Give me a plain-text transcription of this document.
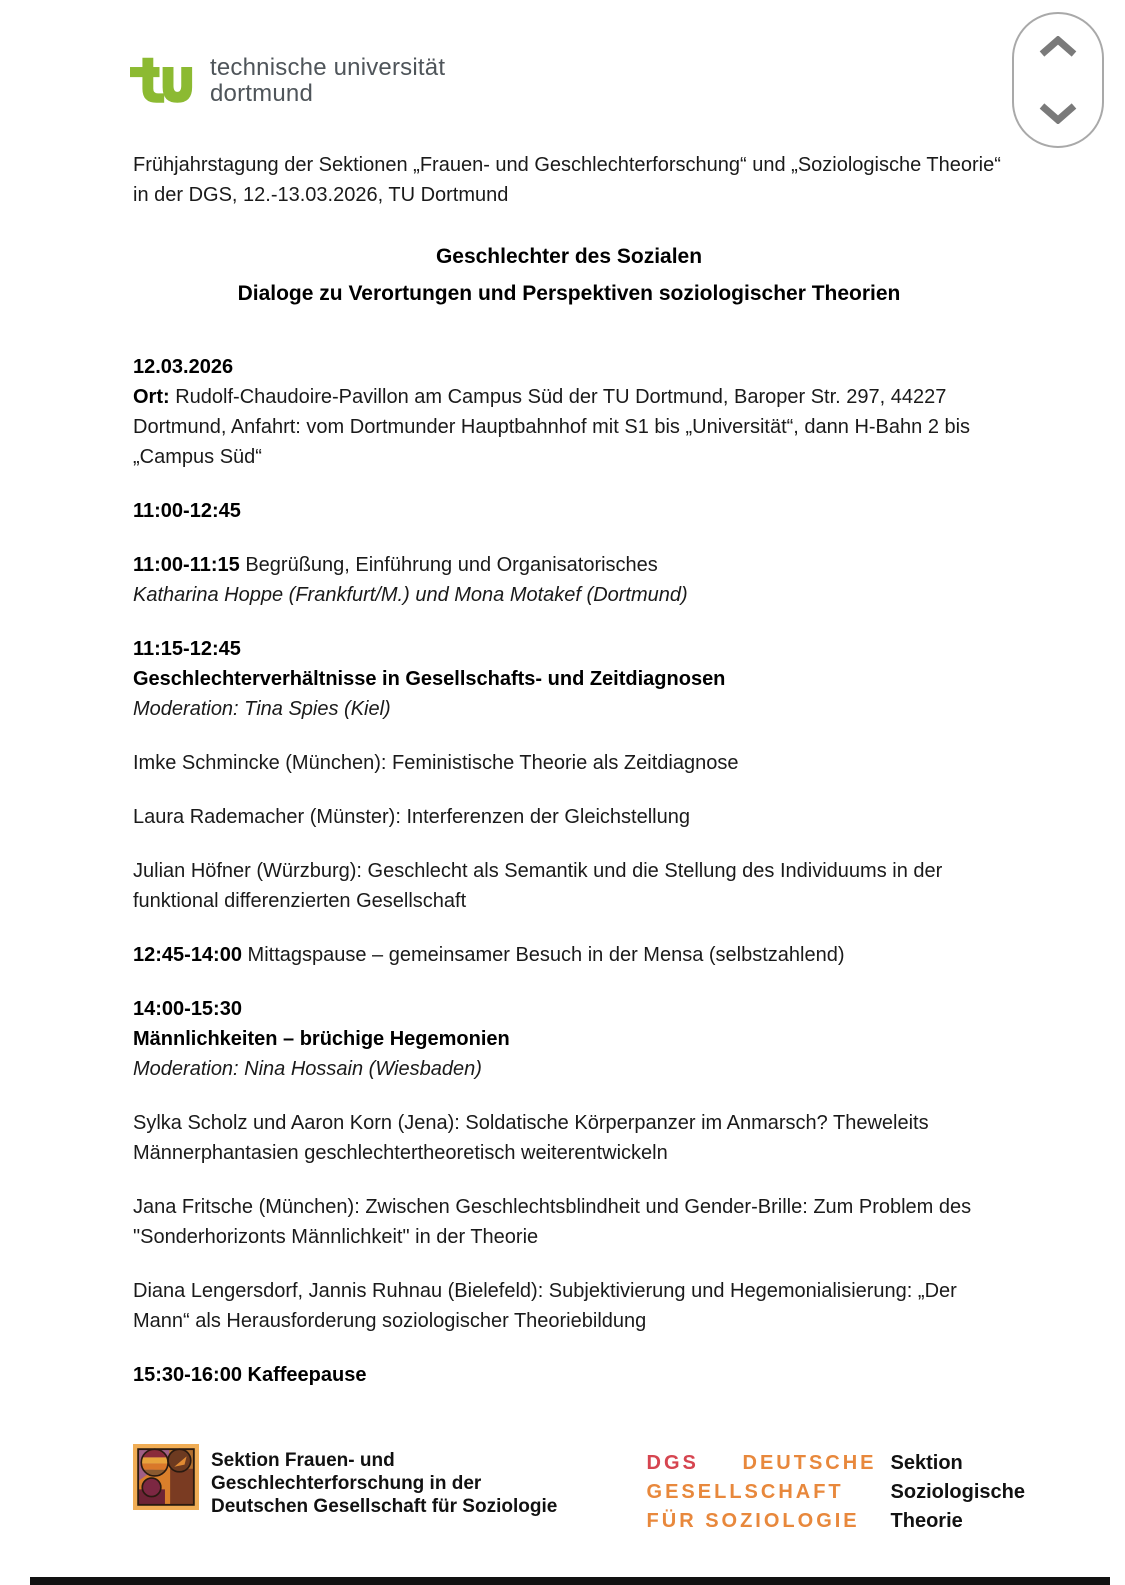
technische universität
dortmund

Frühjahrstagung der Sektionen „Frauen- und Geschlechterforschung“ und „Soziologische Theorie“ in der DGS, 12.-13.03.2026, TU Dortmund

Geschlechter des Sozialen
Dialoge zu Verortungen und Perspektiven soziologischer Theorien

12.03.2026

Ort: Rudolf-Chaudoire-Pavillon am Campus Süd der TU Dortmund, Baroper Str. 297, 44227 Dortmund, Anfahrt: vom Dortmunder Hauptbahnhof mit S1 bis „Universität“, dann H-Bahn 2 bis „Campus Süd“

11:00-12:45

11:00-11:15 Begrüßung, Einführung und Organisatorisches

Katharina Hoppe (Frankfurt/M.) und Mona Motakef (Dortmund)

11:15-12:45

Geschlechterverhältnisse in Gesellschafts- und Zeitdiagnosen

Moderation: Tina Spies (Kiel)

Imke Schmincke (München): Feministische Theorie als Zeitdiagnose

Laura Rademacher (Münster): Interferenzen der Gleichstellung

Julian Höfner (Würzburg): Geschlecht als Semantik und die Stellung des Individuums in der funktional differenzierten Gesellschaft

12:45-14:00 Mittagspause – gemeinsamer Besuch in der Mensa (selbstzahlend)

14:00-15:30

Männlichkeiten – brüchige Hegemonien

Moderation: Nina Hossain (Wiesbaden)

Sylka Scholz und Aaron Korn (Jena): Soldatische Körperpanzer im Anmarsch? Theweleits Männerphantasien geschlechtertheoretisch weiterentwickeln

Jana Fritsche (München): Zwischen Geschlechtsblindheit und Gender-Brille: Zum Problem des "Sonderhorizonts Männlichkeit" in der Theorie

Diana Lengersdorf, Jannis Ruhnau (Bielefeld): Subjektivierung und Hegemonialisierung: „Der Mann“ als Herausforderung soziologischer Theoriebildung

15:30-16:00 Kaffeepause

Sektion Frauen- und
Geschlechterforschung in der
Deutschen Gesellschaft für Soziologie
DGS DEUTSCHE
GESELLSCHAFT
FÜR SOZIOLOGIE
Sektion
Soziologische
Theorie
